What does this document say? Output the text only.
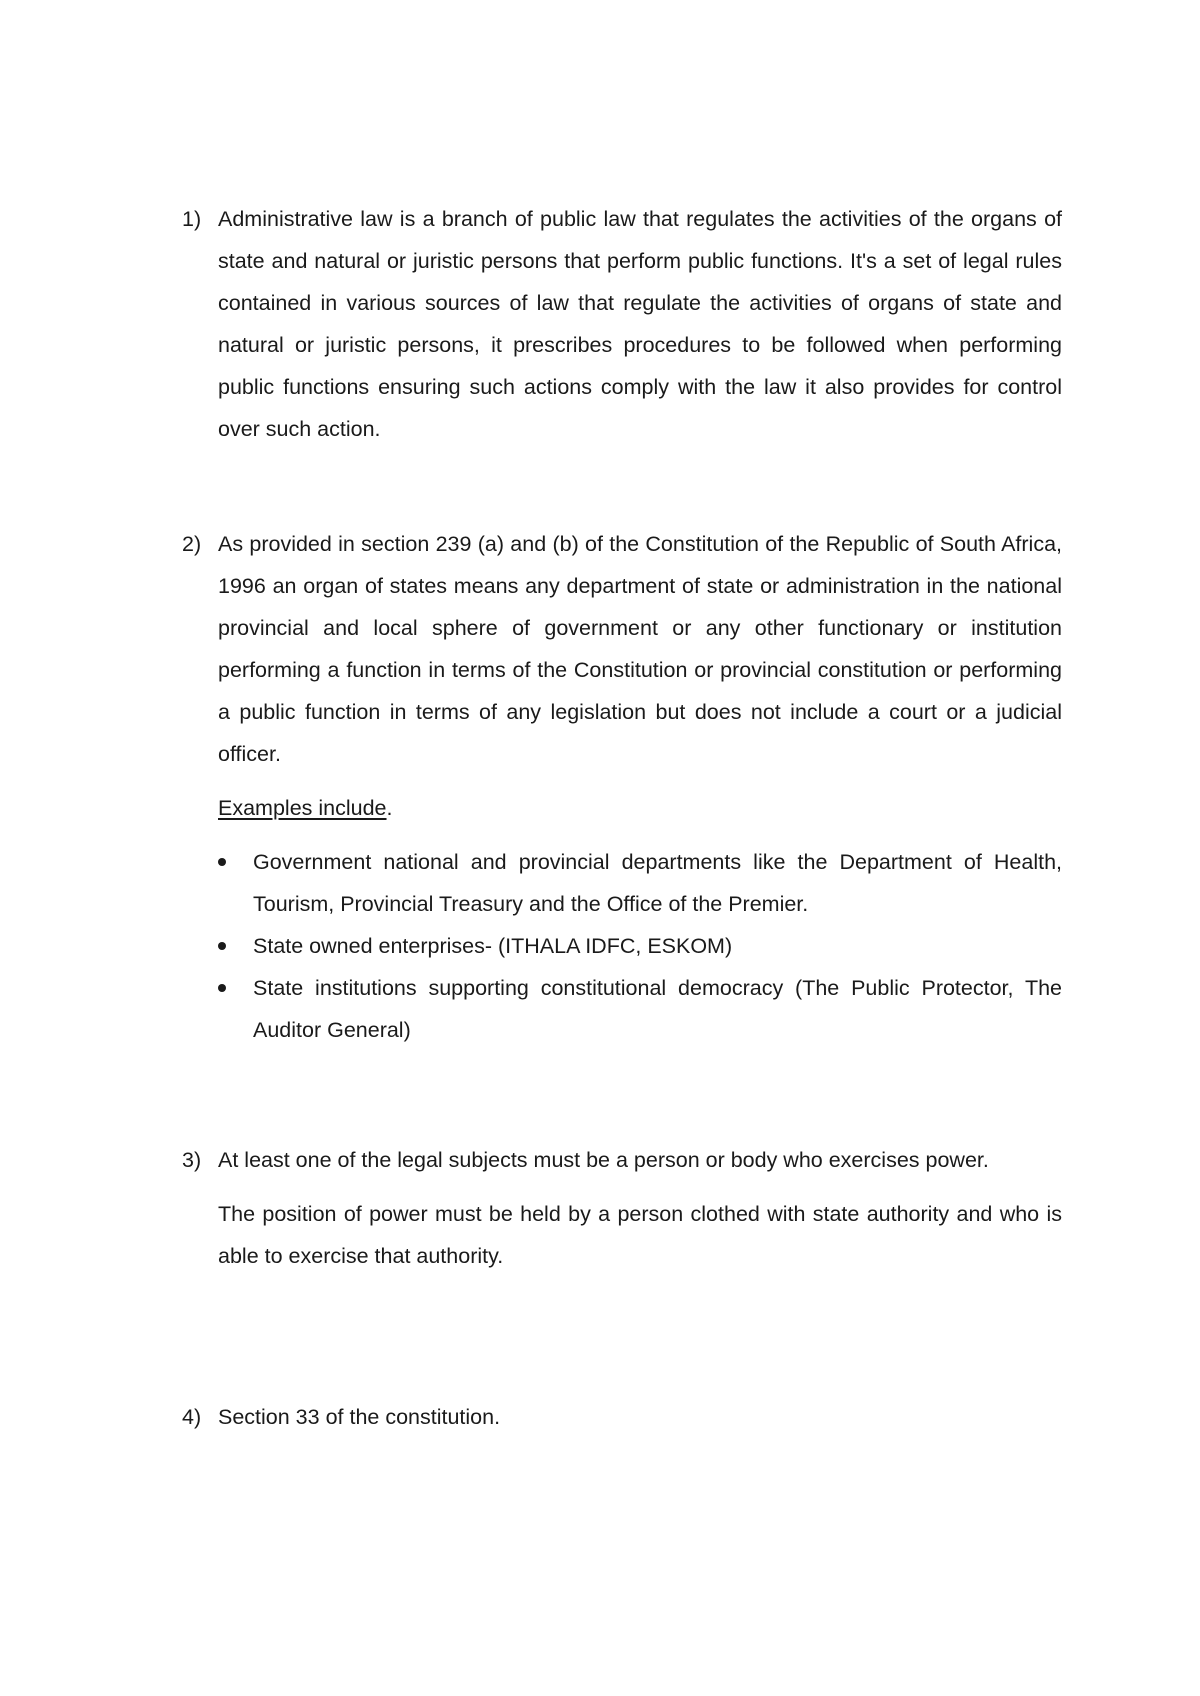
1) Administrative law is a branch of public law that regulates the activities of the organs of state and natural or juristic persons that perform public functions. It's a set of legal rules contained in various sources of law that regulate the activities of organs of state and natural or juristic persons, it prescribes procedures to be followed when performing public functions ensuring such actions comply with the law it also provides for control over such action.

2) As provided in section 239 (a) and (b) of the Constitution of the Republic of South Africa, 1996 an organ of states means any department of state or administration in the national provincial and local sphere of government or any other functionary or institution performing a function in terms of the Constitution or provincial constitution or performing a public function in terms of any legislation but does not include a court or a judicial officer.

Examples include.

Government national and provincial departments like the Department of Health, Tourism, Provincial Treasury and the Office of the Premier.
State owned enterprises- (ITHALA IDFC, ESKOM)
State institutions supporting constitutional democracy (The Public Protector, The Auditor General)
3) At least one of the legal subjects must be a person or body who exercises power.

The position of power must be held by a person clothed with state authority and who is able to exercise that authority.

4) Section 33 of the constitution.
